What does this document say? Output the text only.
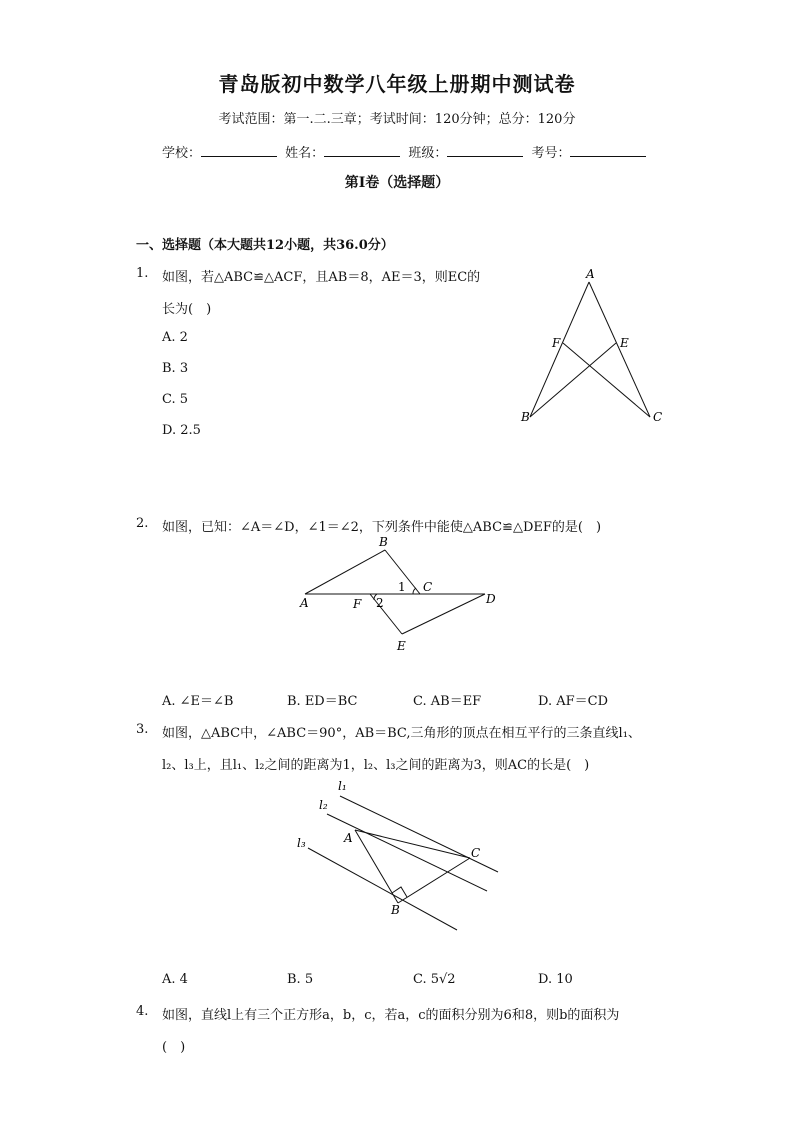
青岛版初中数学八年级上册期中测试卷
考试范围：第一.二.三章；考试时间：120分钟；总分：120分
学校：	姓名：	班级：	考号：
第Ⅰ卷（选择题）
一、选择题（本大题共12小题，共36.0分）
1. 如图，若△ABC≌△ACF，且AB＝8，AE＝3，则EC的
长为(　)
A. 2
B. 3
C. 5
D. 2.5
A
F	E
B	C
2. 如图，已知：∠A＝∠D，∠1＝∠2，下列条件中能使△ABC≌△DEF的是(　)
B
1 C
A	F 2	D
E
A. ∠E＝∠B	B. ED＝BC	C. AB＝EF	D. AF＝CD
3. 如图，△ABC中，∠ABC＝90°，AB＝BC,三角形的顶点在相互平行的三条直线l₁、
l₂、l₃上，且l₁、l₂之间的距离为1，l₂、l₃之间的距离为3，则AC的长是(　)
l₁
l₂
l₃	A
C
B
A. 4	B. 5	C. 5√2	D. 10
4. 如图，直线l上有三个正方形a，b，c，若a，c的面积分别为6和8，则b的面积为
(　)
